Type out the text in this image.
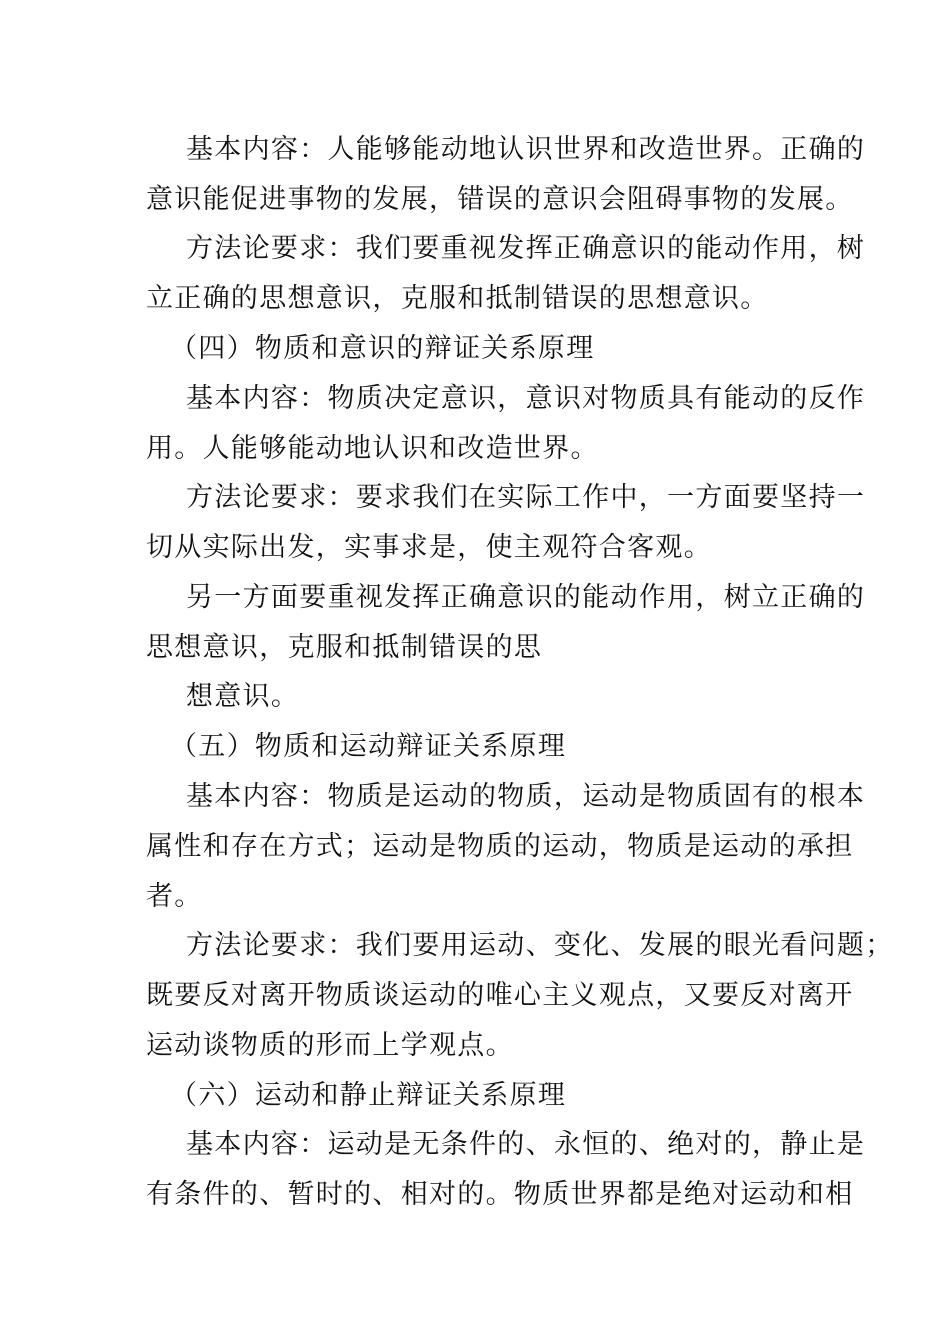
基本内容：人能够能动地认识世界和改造世界。正确的
意识能促进事物的发展，错误的意识会阻碍事物的发展。
方法论要求：我们要重视发挥正确意识的能动作用，树
立正确的思想意识，克服和抵制错误的思想意识。
（四）物质和意识的辩证关系原理
基本内容：物质决定意识，意识对物质具有能动的反作
用。人能够能动地认识和改造世界。
方法论要求：要求我们在实际工作中，一方面要坚持一
切从实际出发，实事求是，使主观符合客观。
另一方面要重视发挥正确意识的能动作用，树立正确的
思想意识，克服和抵制错误的思
想意识。
（五）物质和运动辩证关系原理
基本内容：物质是运动的物质，运动是物质固有的根本
属性和存在方式；运动是物质的运动，物质是运动的承担
者。
方法论要求：我们要用运动、变化、发展的眼光看问题；
既要反对离开物质谈运动的唯心主义观点，又要反对离开
运动谈物质的形而上学观点。
（六）运动和静止辩证关系原理
基本内容：运动是无条件的、永恒的、绝对的，静止是
有条件的、暂时的、相对的。物质世界都是绝对运动和相
